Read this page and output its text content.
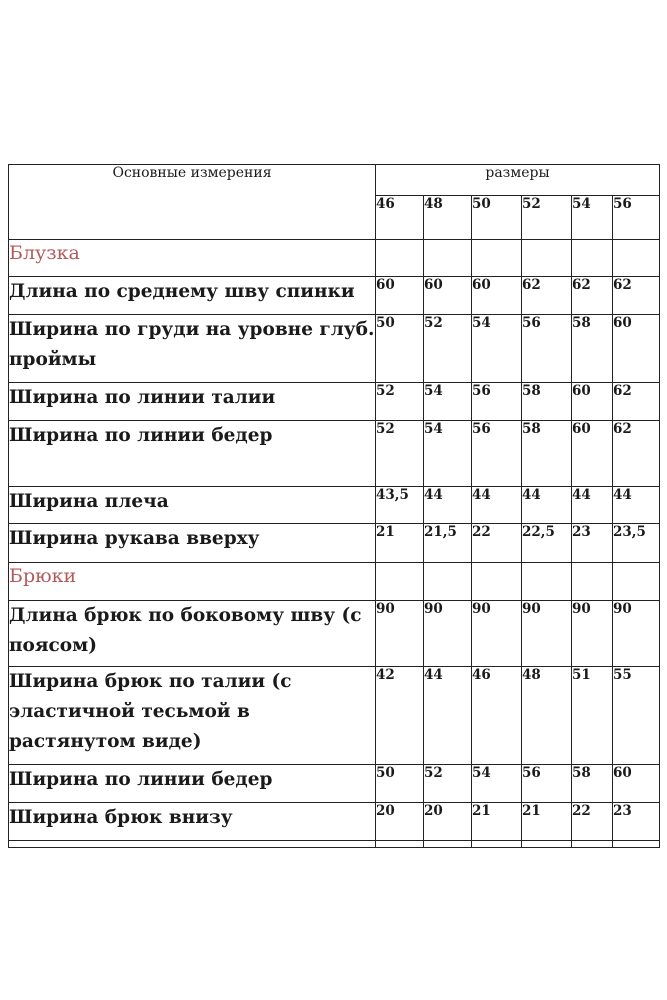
Основные измерения	размеры					
	46	48	50	52	54	56
Блузка						
Длина по среднему шву спинки	60	60	60	62	62	62
Ширина по груди на уровне глуб. проймы	50	52	54	56	58	60
Ширина по линии талии	52	54	56	58	60	62
Ширина по линии бедер	52	54	56	58	60	62
Ширина плеча	43,5	44	44	44	44	44
Ширина рукава вверху	21	21,5	22	22,5	23	23,5
Брюки						
Длина брюк по боковому шву (с поясом)	90	90	90	90	90	90
Ширина брюк по талии (с эластичной тесьмой в растянутом виде)	42	44	46	48	51	55
Ширина по линии бедер	50	52	54	56	58	60
Ширина брюк внизу	20	20	21	21	22	23
